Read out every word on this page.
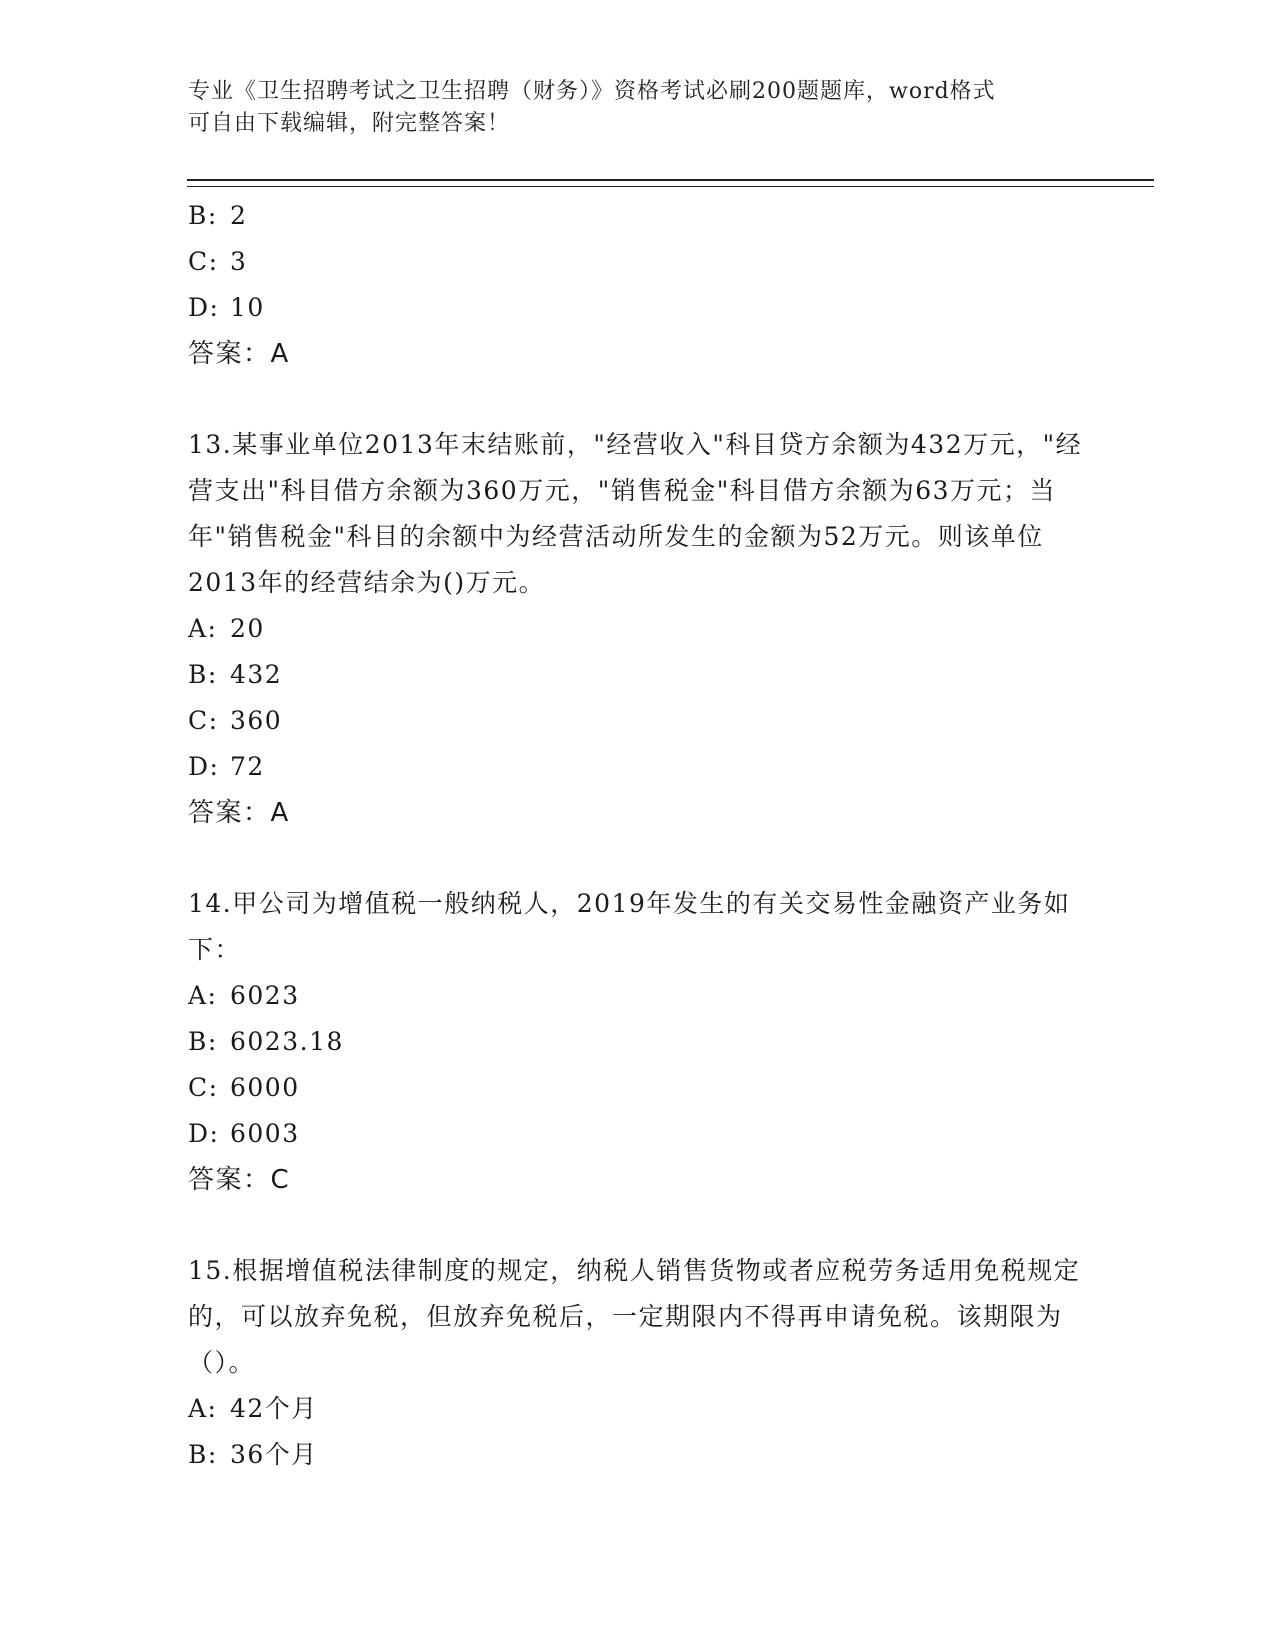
专业《卫生招聘考试之卫生招聘（财务）》资格考试必刷200题题库，word格式
可自由下载编辑，附完整答案！
B: 2
C: 3
D: 10
答案：A

13.某事业单位2013年末结账前，"经营收入"科目贷方余额为432万元，"经营支出"科目借方余额为360万元，"销售税金"科目借方余额为63万元；当年"销售税金"科目的余额中为经营活动所发生的金额为52万元。则该单位2013年的经营结余为()万元。

A: 20
B: 432
C: 360
D: 72
答案：A

14.甲公司为增值税一般纳税人，2019年发生的有关交易性金融资产业务如下：

A: 6023
B: 6023.18
C: 6000
D: 6003
答案：C

15.根据增值税法律制度的规定，纳税人销售货物或者应税劳务适用免税规定的，可以放弃免税，但放弃免税后，一定期限内不得再申请免税。该期限为（）。

A: 42个月
B: 36个月
